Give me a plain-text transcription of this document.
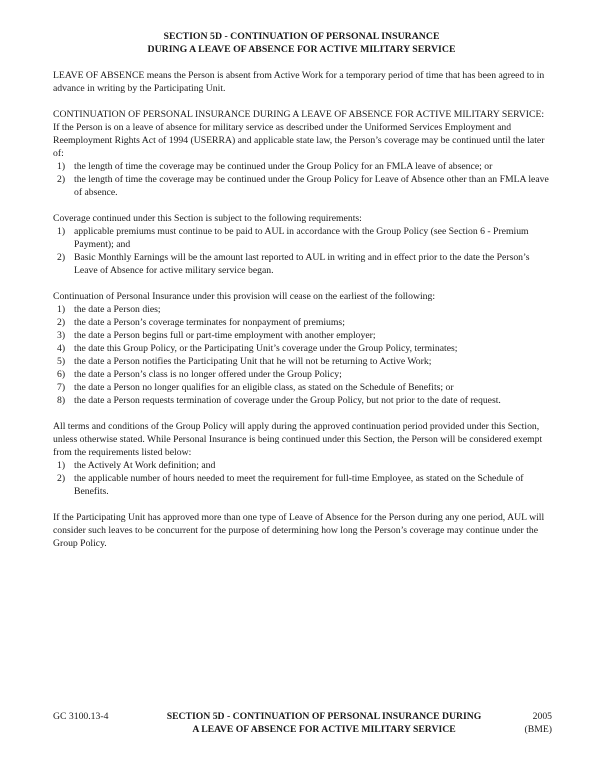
SECTION 5D - CONTINUATION OF PERSONAL INSURANCE
DURING A LEAVE OF ABSENCE FOR ACTIVE MILITARY SERVICE

LEAVE OF ABSENCE means the Person is absent from Active Work for a temporary period of time that has been agreed to in advance in writing by the Participating Unit.

CONTINUATION OF PERSONAL INSURANCE DURING A LEAVE OF ABSENCE FOR ACTIVE MILITARY SERVICE: If the Person is on a leave of absence for military service as described under the Uniformed Services Employment and Reemployment Rights Act of 1994 (USERRA) and applicable state law, the Person’s coverage may be continued until the later of:

1) the length of time the coverage may be continued under the Group Policy for an FMLA leave of absence; or
2) the length of time the coverage may be continued under the Group Policy for Leave of Absence other than an FMLA leave of absence.

Coverage continued under this Section is subject to the following requirements:

1) applicable premiums must continue to be paid to AUL in accordance with the Group Policy (see Section 6 - Premium Payment); and
2) Basic Monthly Earnings will be the amount last reported to AUL in writing and in effect prior to the date the Person’s Leave of Absence for active military service began.

Continuation of Personal Insurance under this provision will cease on the earliest of the following:

1) the date a Person dies;
2) the date a Person’s coverage terminates for nonpayment of premiums;
3) the date a Person begins full or part-time employment with another employer;
4) the date this Group Policy, or the Participating Unit’s coverage under the Group Policy, terminates;
5) the date a Person notifies the Participating Unit that he will not be returning to Active Work;
6) the date a Person’s class is no longer offered under the Group Policy;
7) the date a Person no longer qualifies for an eligible class, as stated on the Schedule of Benefits; or
8) the date a Person requests termination of coverage under the Group Policy, but not prior to the date of request.

All terms and conditions of the Group Policy will apply during the approved continuation period provided under this Section, unless otherwise stated. While Personal Insurance is being continued under this Section, the Person will be considered exempt from the requirements listed below:

1) the Actively At Work definition; and
2) the applicable number of hours needed to meet the requirement for full-time Employee, as stated on the Schedule of Benefits.

If the Participating Unit has approved more than one type of Leave of Absence for the Person during any one period, AUL will consider such leaves to be concurrent for the purpose of determining how long the Person’s coverage may continue under the Group Policy.

GC 3100.13-4	SECTION 5D - CONTINUATION OF PERSONAL INSURANCE DURING
A LEAVE OF ABSENCE FOR ACTIVE MILITARY SERVICE
2005
(BME)
